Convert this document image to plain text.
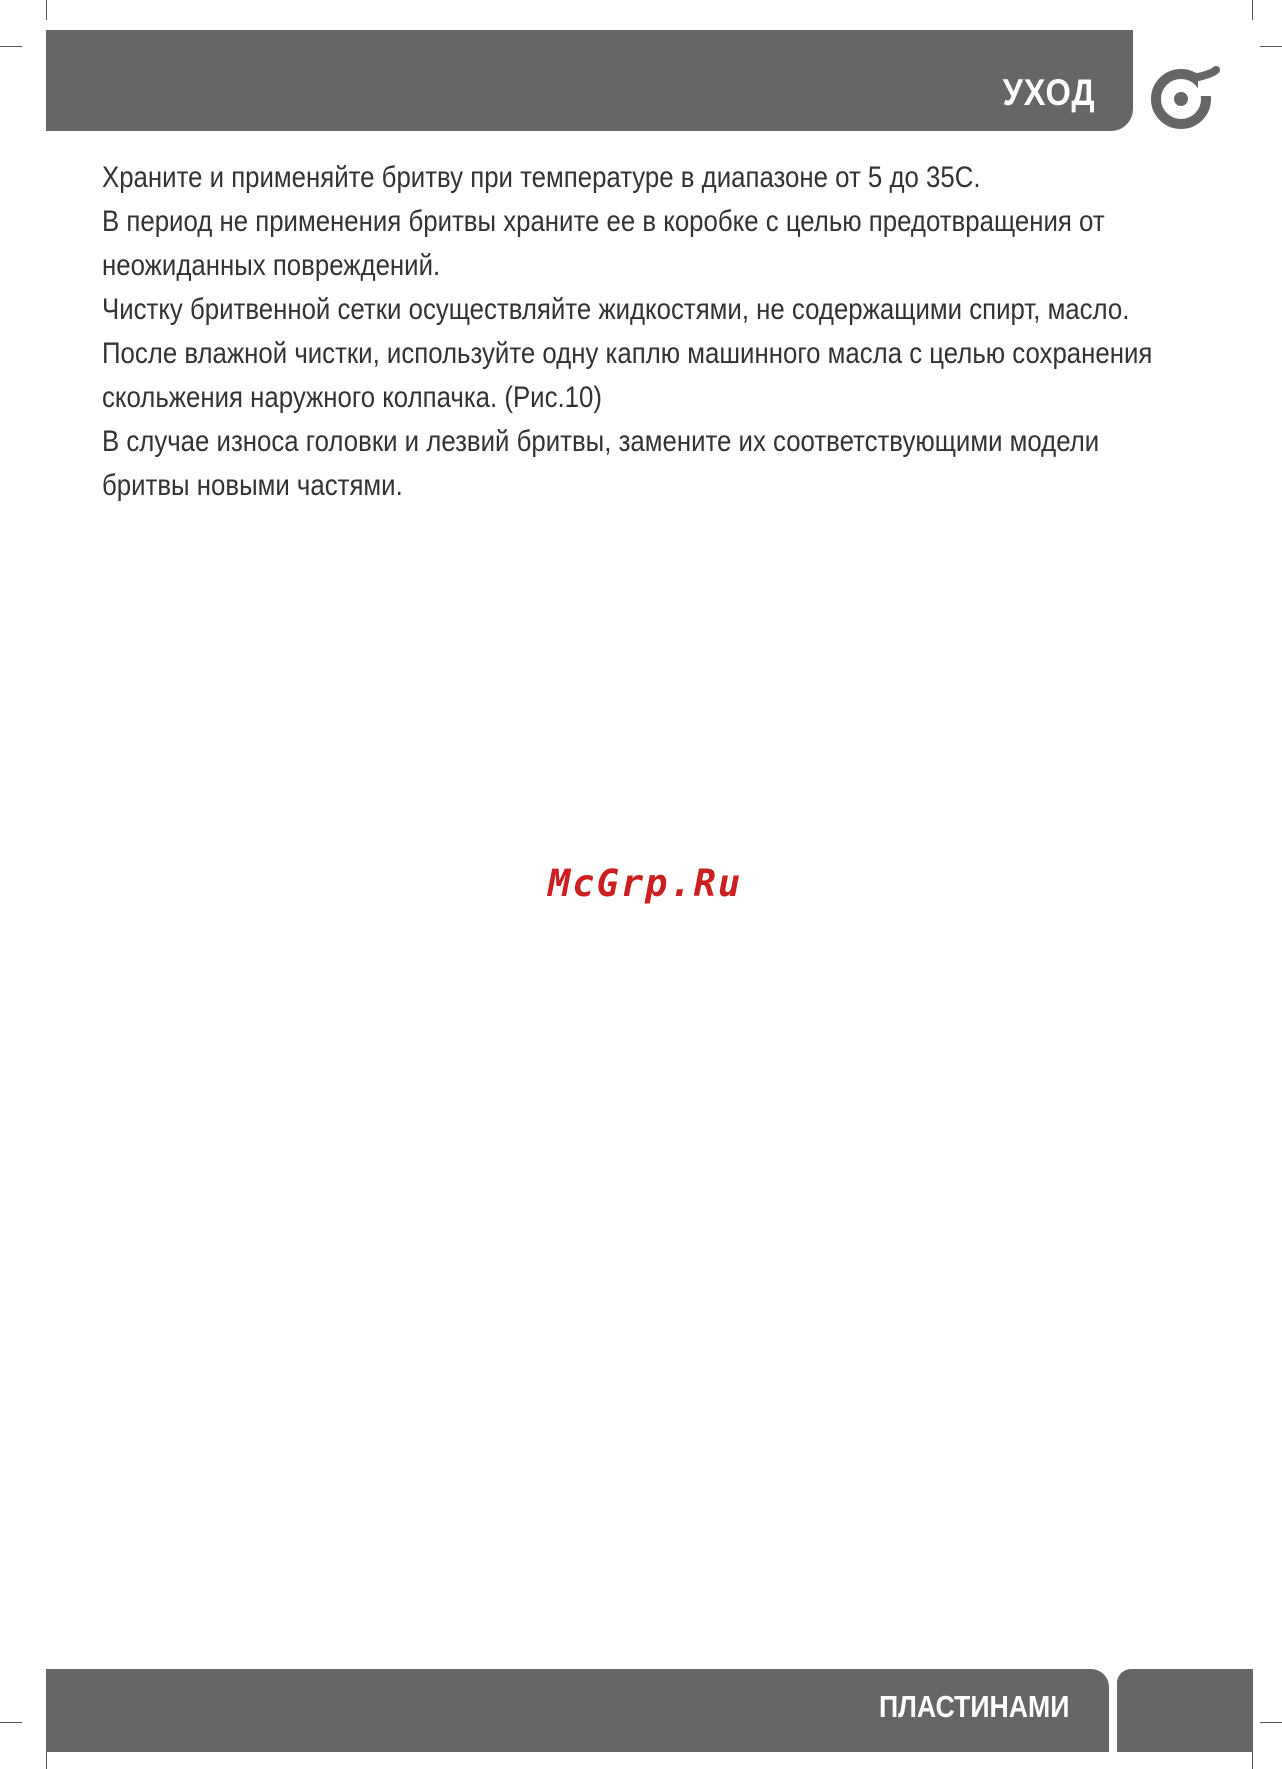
УХОД

Храните и применяйте бритву при температуре в диапазоне от 5 до 35С.

В период не применения бритвы храните ее в коробке с целью предотвращения от

неожиданных повреждений.

Чистку бритвенной сетки осуществляйте жидкостями, не содержащими спирт, масло.

После влажной чистки, используйте одну каплю машинного масла с целью сохранения

скольжения наружного колпачка. (Рис.10)

В случае износа головки и лезвий бритвы, замените их соответствующими модели

бритвы новыми частями.

McGrp.Ru
ПЛАСТИНАМИ
